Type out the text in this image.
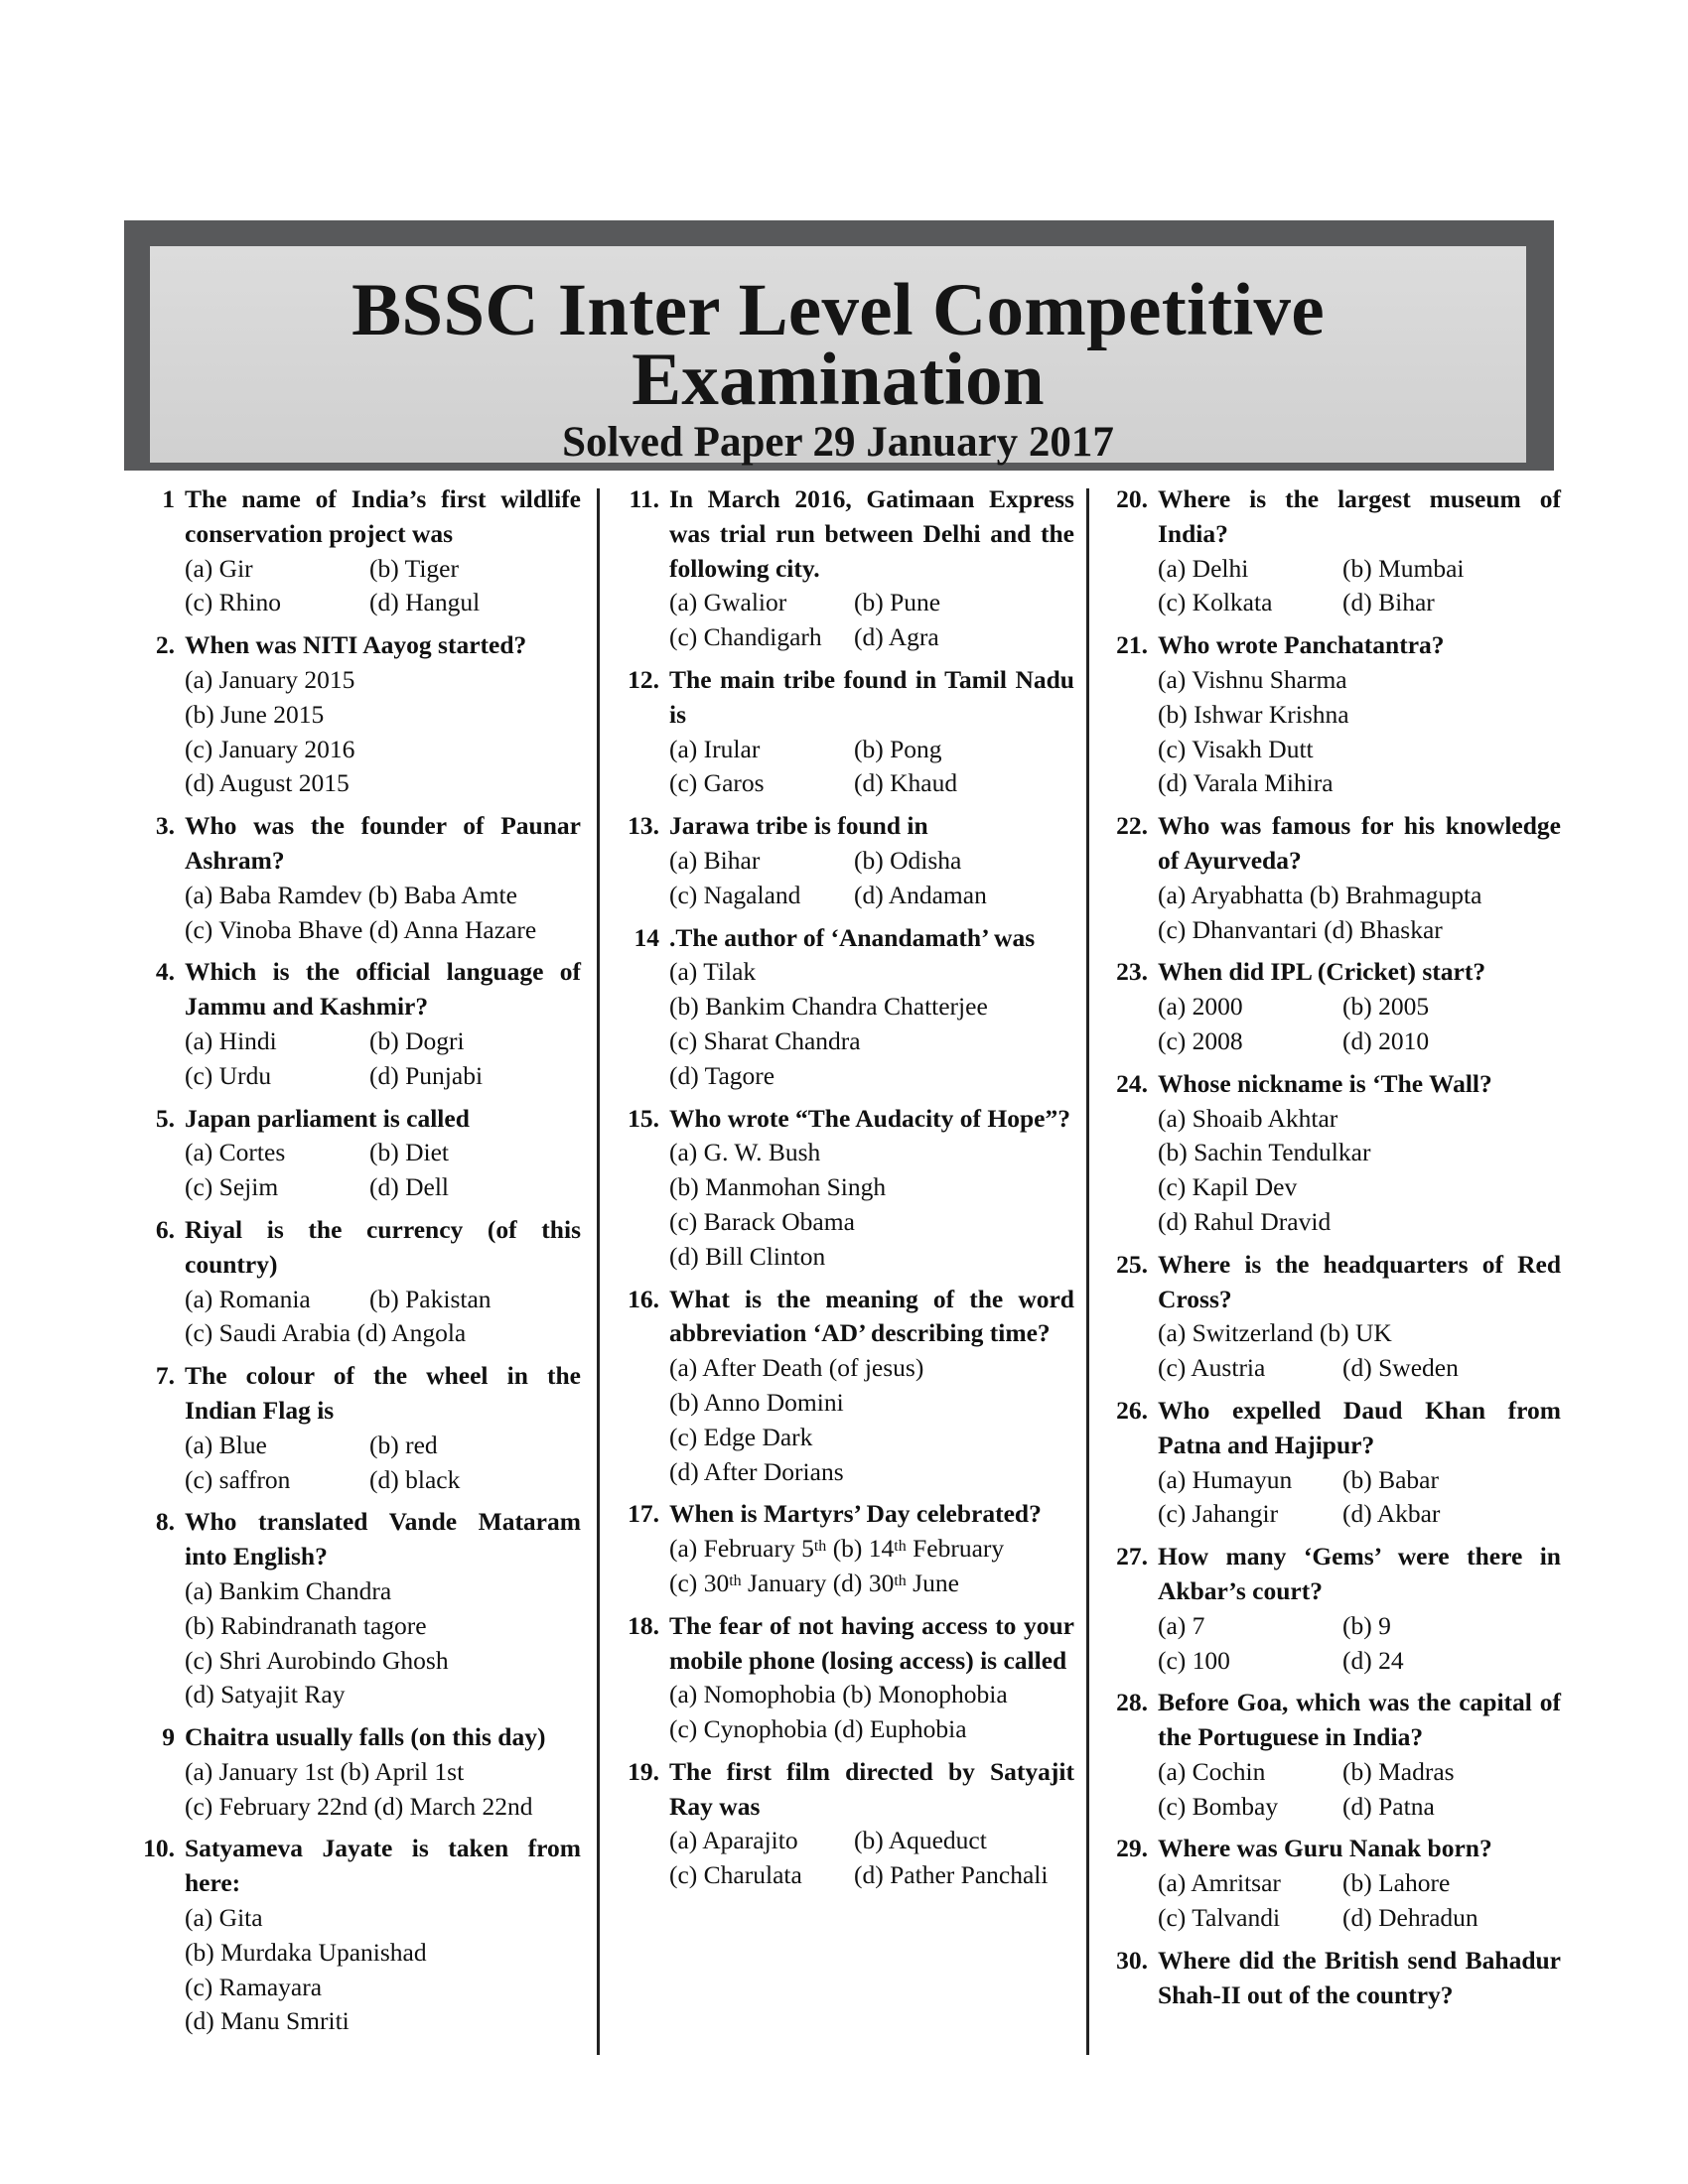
BSSC Inter Level Competitive
Examination
Solved Paper 29 January 2017
1 The name of India’s first wildlife conservation project was
(a) Gir	(b) Tiger
(c) Rhino	(d) Hangul
2. When was NITI Aayog started?
(a) January 2015
(b) June 2015
(c) January 2016
(d) August 2015
3. Who was the founder of Paunar Ashram?
(a) Baba Ramdev (b) Baba Amte
(c) Vinoba Bhave (d) Anna Hazare
4. Which is the official language of Jammu and Kashmir?
(a) Hindi	(b) Dogri
(c) Urdu	(d) Punjabi
5. Japan parliament is called
(a) Cortes	(b) Diet
(c) Sejim	(d) Dell
6. Riyal is the currency (of this country)
(a) Romania	(b) Pakistan
(c) Saudi Arabia (d) Angola
7. The colour of the wheel in the Indian Flag is
(a) Blue	(b) red
(c) saffron	(d) black
8. Who translated Vande Mataram into English?
(a) Bankim Chandra
(b) Rabindranath tagore
(c) Shri Aurobindo Ghosh
(d) Satyajit Ray
9 Chaitra usually falls (on this day)
(a) January 1st (b) April 1st
(c) February 22nd (d) March 22nd
10. Satyameva Jayate is taken from here:
(a) Gita
(b) Murdaka Upanishad
(c) Ramayara
(d) Manu Smriti
11. In March 2016, Gatimaan Express was trial run between Delhi and the following city.
(a) Gwalior	(b) Pune
(c) Chandigarh	(d) Agra
12. The main tribe found in Tamil Nadu is
(a) Irular	(b) Pong
(c) Garos	(d) Khaud
13. Jarawa tribe is found in
(a) Bihar	(b) Odisha
(c) Nagaland	(d) Andaman
14 .The author of ‘Anandamath’ was
(a) Tilak
(b) Bankim Chandra Chatterjee
(c) Sharat Chandra
(d) Tagore
15. Who wrote “The Audacity of Hope”?
(a) G. W. Bush
(b) Manmohan Singh
(c) Barack Obama
(d) Bill Clinton
16. What is the meaning of the word abbreviation ‘AD’ describing time?
(a) After Death (of jesus)
(b) Anno Domini
(c) Edge Dark
(d) After Dorians
17. When is Martyrs’ Day celebrated?
(a) February 5th (b) 14th February
(c) 30th January (d) 30th June
18. The fear of not having access to your mobile phone (losing access) is called
(a) Nomophobia (b) Monophobia
(c) Cynophobia (d) Euphobia
19. The first film directed by Satyajit Ray was
(a) Aparajito	(b) Aqueduct
(c) Charulata	(d) Pather Panchali
20. Where is the largest museum of India?
(a) Delhi	(b) Mumbai
(c) Kolkata	(d) Bihar
21. Who wrote Panchatantra?
(a) Vishnu Sharma
(b) Ishwar Krishna
(c) Visakh Dutt
(d) Varala Mihira
22. Who was famous for his knowledge of Ayurveda?
(a) Aryabhatta (b) Brahmagupta
(c) Dhanvantari (d) Bhaskar
23. When did IPL (Cricket) start?
(a) 2000	(b) 2005
(c) 2008	(d) 2010
24. Whose nickname is ‘The Wall?
(a) Shoaib Akhtar
(b) Sachin Tendulkar
(c) Kapil Dev
(d) Rahul Dravid
25. Where is the headquarters of Red Cross?
(a) Switzerland (b) UK
(c) Austria	(d) Sweden
26. Who expelled Daud Khan from Patna and Hajipur?
(a) Humayun	(b) Babar
(c) Jahangir	(d) Akbar
27. How many ‘Gems’ were there in Akbar’s court?
(a) 7	(b) 9
(c) 100	(d) 24
28. Before Goa, which was the capital of the Portuguese in India?
(a) Cochin	(b) Madras
(c) Bombay	(d) Patna
29. Where was Guru Nanak born?
(a) Amritsar	(b) Lahore
(c) Talvandi	(d) Dehradun
30. Where did the British send Bahadur Shah-II out of the country?
